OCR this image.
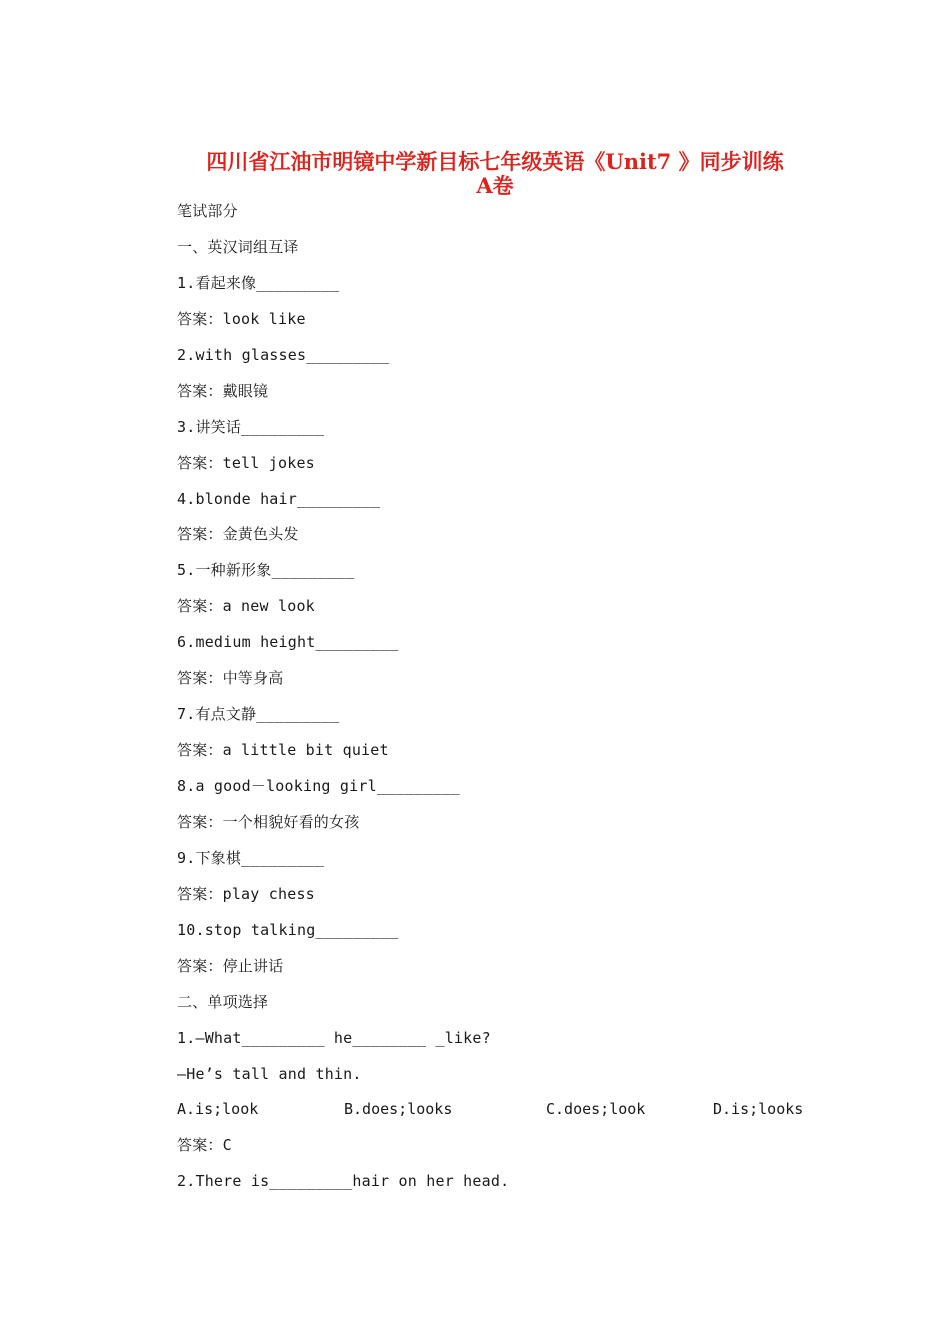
四川省江油市明镜中学新目标七年级英语《Unit7 》同步训练
A卷
笔试部分
一、英汉词组互译
1.看起来像_________
答案：look like
2.with glasses_________
答案：戴眼镜
3.讲笑话_________
答案：tell jokes
4.blonde hair_________
答案：金黄色头发
5.一种新形象_________
答案：a new look
6.medium height_________
答案：中等身高
7.有点文静_________
答案：a little bit quiet
8.a good－looking girl_________
答案：一个相貌好看的女孩
9.下象棋_________
答案：play chess
10.stop talking_________
答案：停止讲话
二、单项选择
1.—What_________ he________ _like?
—He’s tall and thin.

A.is;look

	B.does;looks

	C.does;look

	D.is;looks

答案：C
2.There is_________hair on her head.
